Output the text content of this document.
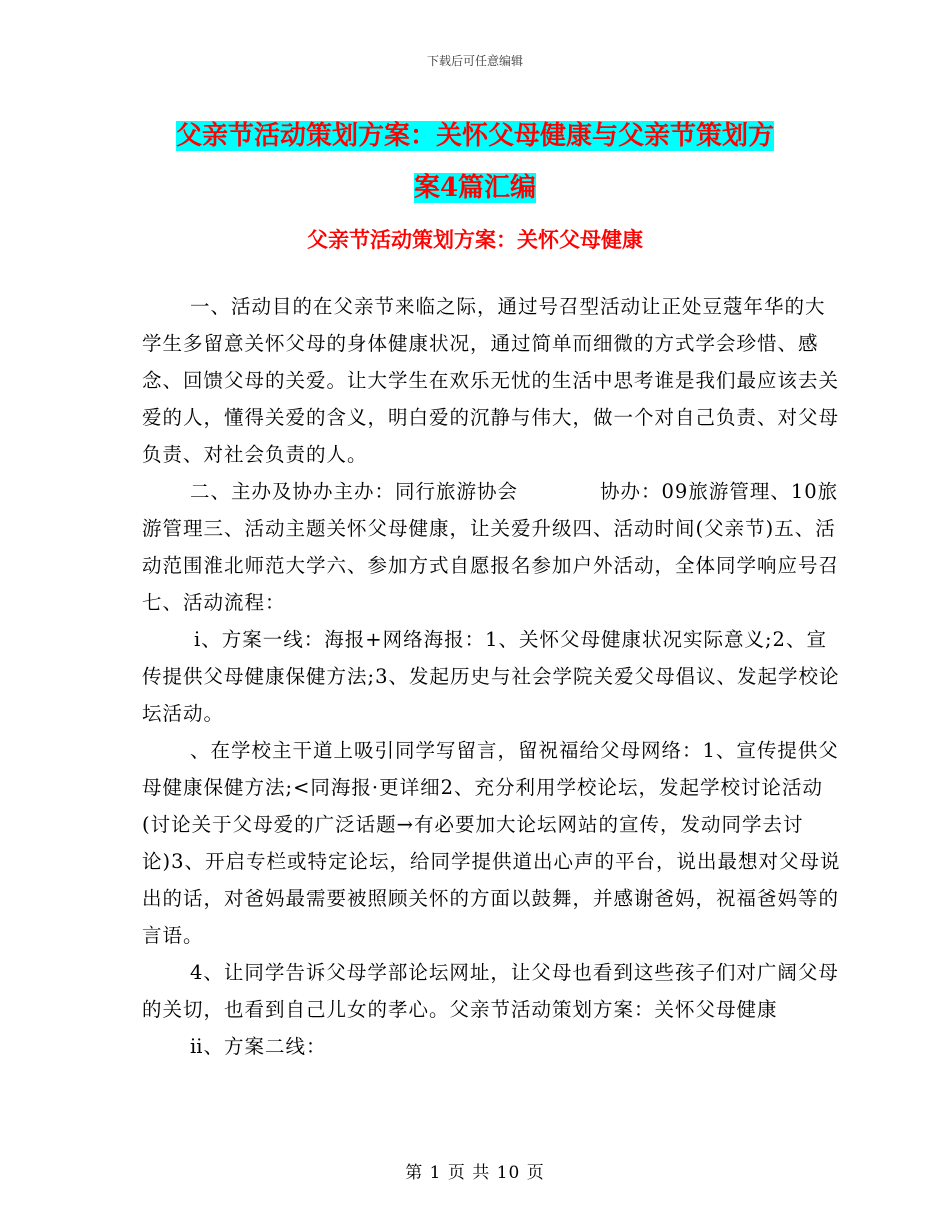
下载后可任意编辑
父亲节活动策划方案：关怀父母健康与父亲节策划方
案4篇汇编
父亲节活动策划方案：关怀父母健康

一、活动目的在父亲节来临之际，通过号召型活动让正处豆蔻年华的大学生多留意关怀父母的身体健康状况，通过简单而细微的方式学会珍惜、感念、回馈父母的关爱。让大学生在欢乐无忧的生活中思考谁是我们最应该去关爱的人，懂得关爱的含义，明白爱的沉静与伟大，做一个对自己负责、对父母负责、对社会负责的人。

二、主办及协办主办：同行旅游协会　　　　协办：09旅游管理、10旅游管理三、活动主题关怀父母健康，让关爱升级四、活动时间(父亲节)五、活动范围淮北师范大学六、参加方式自愿报名参加户外活动，全体同学响应号召七、活动流程：

ⅰ、方案一线：海报+网络海报：1、关怀父母健康状况实际意义;2、宣传提供父母健康保健方法;3、发起历史与社会学院关爱父母倡议、发起学校论坛活动。

、在学校主干道上吸引同学写留言，留祝福给父母网络：1、宣传提供父母健康保健方法;<同海报·更详细2、充分利用学校论坛，发起学校讨论活动(讨论关于父母爱的广泛话题→有必要加大论坛网站的宣传，发动同学去讨论)3、开启专栏或特定论坛，给同学提供道出心声的平台，说出最想对父母说出的话，对爸妈最需要被照顾关怀的方面以鼓舞，并感谢爸妈，祝福爸妈等的言语。

4、让同学告诉父母学部论坛网址，让父母也看到这些孩子们对广阔父母的关切，也看到自己儿女的孝心。父亲节活动策划方案：关怀父母健康

ⅱ、方案二线：

第 1 页 共 10 页
